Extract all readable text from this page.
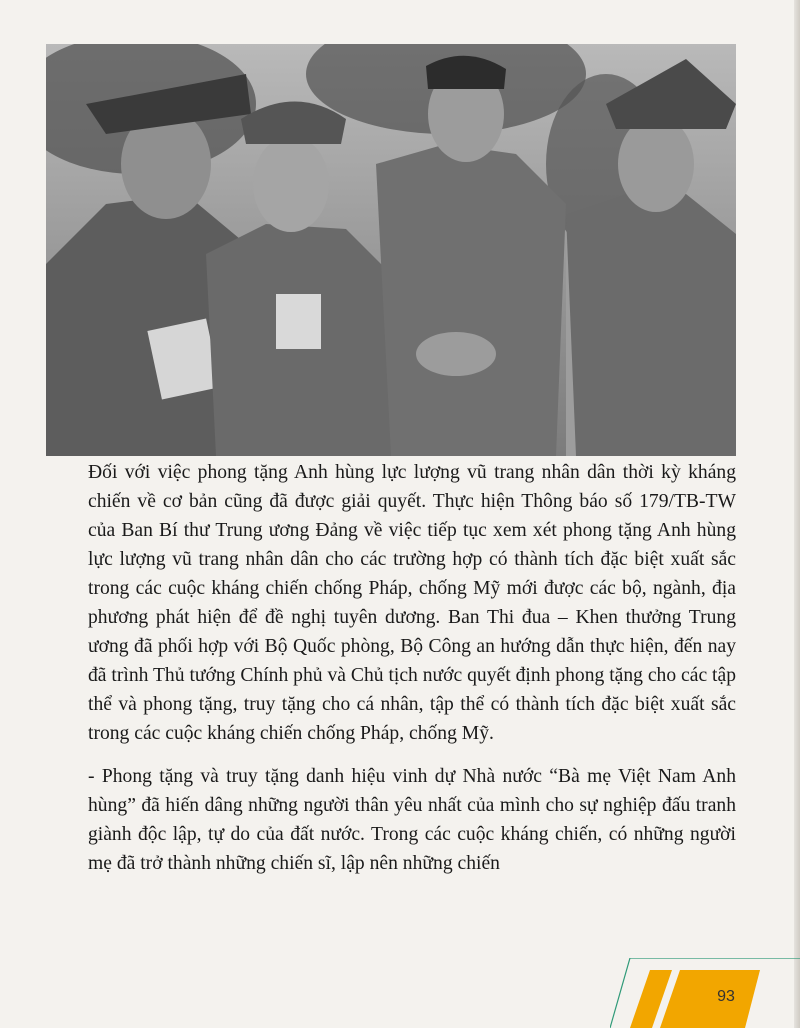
Đối với việc phong tặng Anh hùng lực lượng vũ trang nhân dân thời kỳ kháng chiến về cơ bản cũng đã được giải quyết. Thực hiện Thông báo số 179/TB-TW của Ban Bí thư Trung ương Đảng về việc tiếp tục xem xét phong tặng Anh hùng lực lượng vũ trang nhân dân cho các trường hợp có thành tích đặc biệt xuất sắc trong các cuộc kháng chiến chống Pháp, chống Mỹ mới được các bộ, ngành, địa phương phát hiện để đề nghị tuyên dương. Ban Thi đua – Khen thưởng Trung ương đã phối hợp với Bộ Quốc phòng, Bộ Công an hướng dẫn thực hiện, đến nay đã trình Thủ tướng Chính phủ và Chủ tịch nước quyết định phong tặng cho các tập thể và phong tặng, truy tặng cho cá nhân, tập thể có thành tích đặc biệt xuất sắc trong các cuộc kháng chiến chống Pháp, chống Mỹ.

- Phong tặng và truy tặng danh hiệu vinh dự Nhà nước “Bà mẹ Việt Nam Anh hùng” đã hiến dâng những người thân yêu nhất của mình cho sự nghiệp đấu tranh giành độc lập, tự do của đất nước. Trong các cuộc kháng chiến, có những người mẹ đã trở thành những chiến sĩ, lập nên những chiến

93
